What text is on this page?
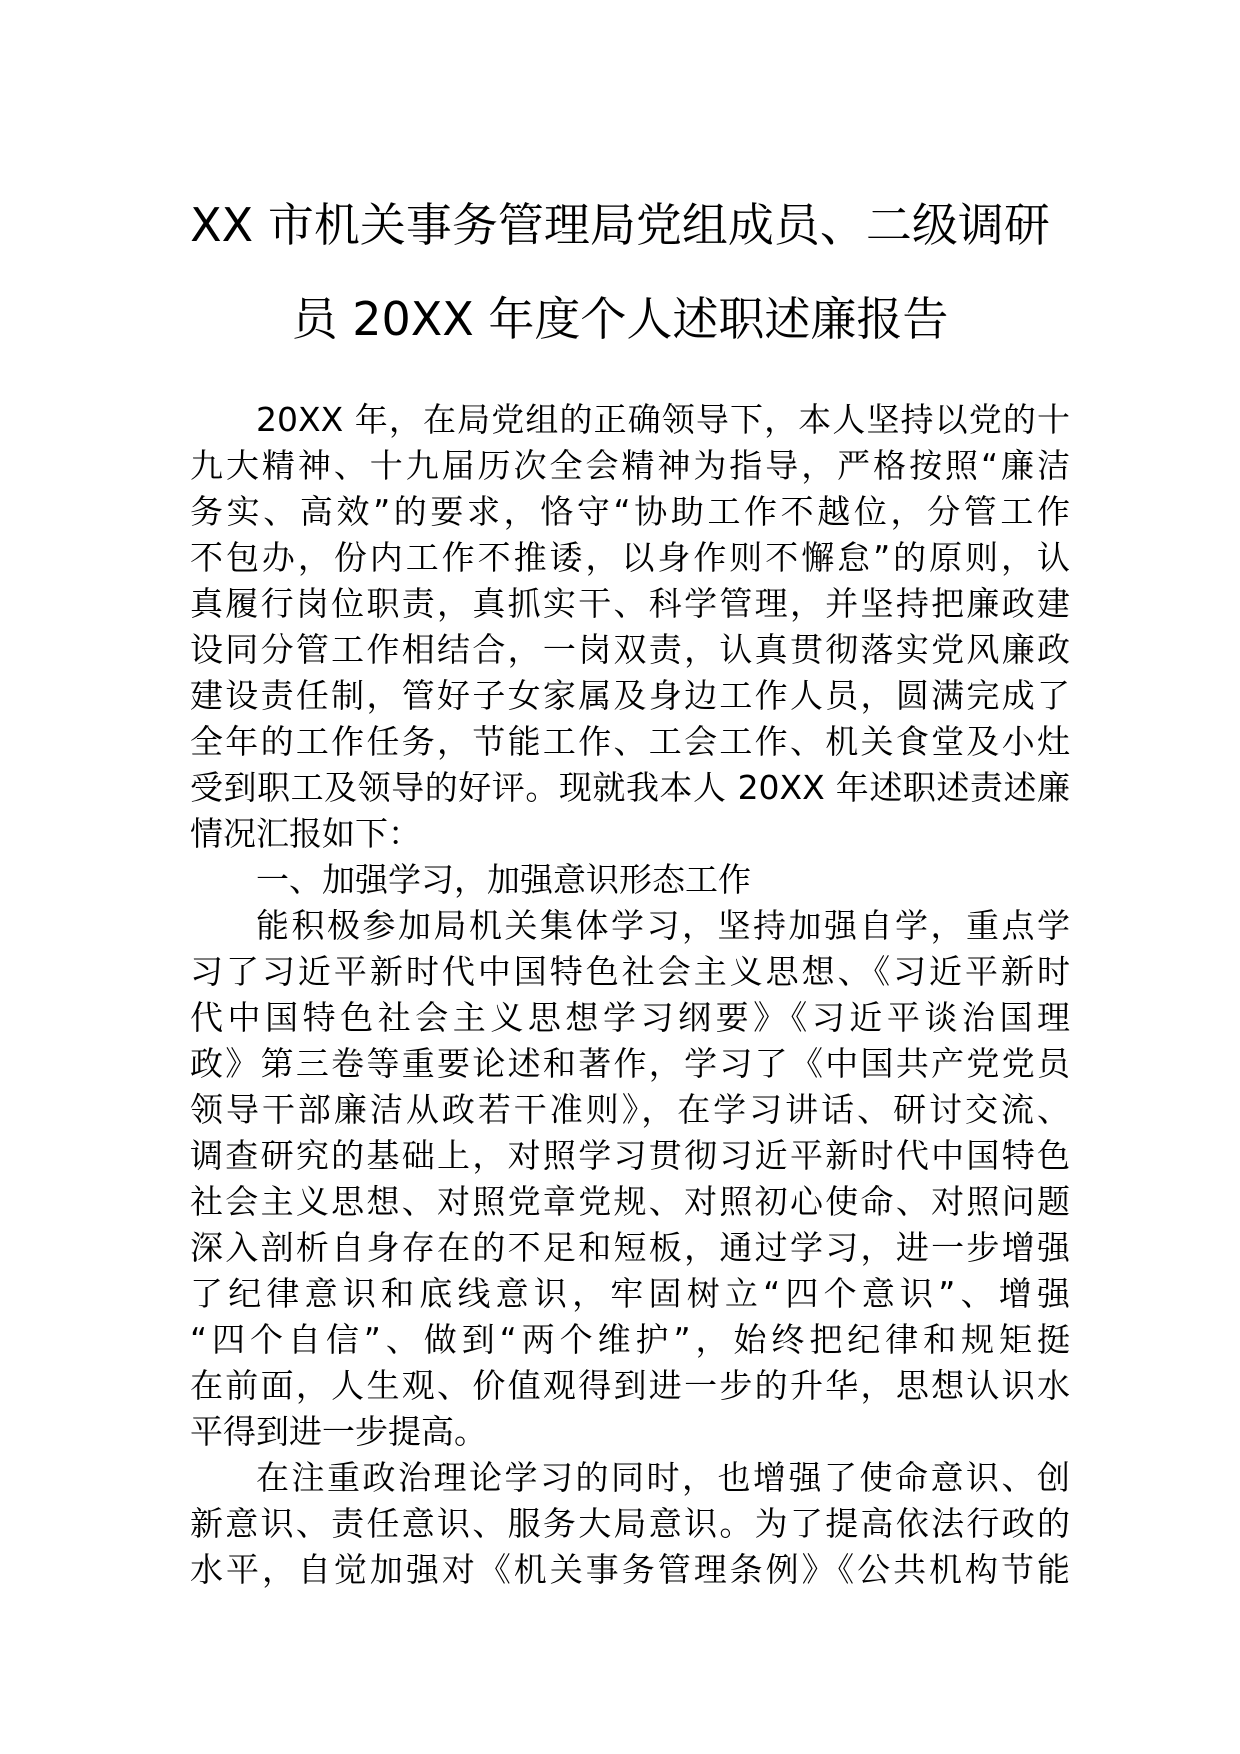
XX 市机关事务管理局党组成员、二级调研
员 20XX 年度个人述职述廉报告
20XX 年，在局党组的正确领导下，本人坚持以党的十
九大精神、十九届历次全会精神为指导，严格按照“廉洁
务实、高效”的要求，恪守“协助工作不越位，分管工作
不包办，份内工作不推诿，以身作则不懈怠”的原则，认
真履行岗位职责，真抓实干、科学管理，并坚持把廉政建
设同分管工作相结合，一岗双责，认真贯彻落实党风廉政
建设责任制，管好子女家属及身边工作人员，圆满完成了
全年的工作任务，节能工作、工会工作、机关食堂及小灶
受到职工及领导的好评。现就我本人 20XX 年述职述责述廉
情况汇报如下：
一、加强学习，加强意识形态工作
能积极参加局机关集体学习，坚持加强自学，重点学
习了习近平新时代中国特色社会主义思想、《习近平新时
代中国特色社会主义思想学习纲要》《习近平谈治国理
政》第三卷等重要论述和著作，学习了《中国共产党党员
领导干部廉洁从政若干准则》，在学习讲话、研讨交流、
调查研究的基础上，对照学习贯彻习近平新时代中国特色
社会主义思想、对照党章党规、对照初心使命、对照问题
深入剖析自身存在的不足和短板，通过学习，进一步增强
了纪律意识和底线意识，牢固树立“四个意识”、增强
“四个自信”、做到“两个维护”，始终把纪律和规矩挺
在前面，人生观、价值观得到进一步的升华，思想认识水
平得到进一步提高。
在注重政治理论学习的同时，也增强了使命意识、创
新意识、责任意识、服务大局意识。为了提高依法行政的
水平，自觉加强对《机关事务管理条例》《公共机构节能
